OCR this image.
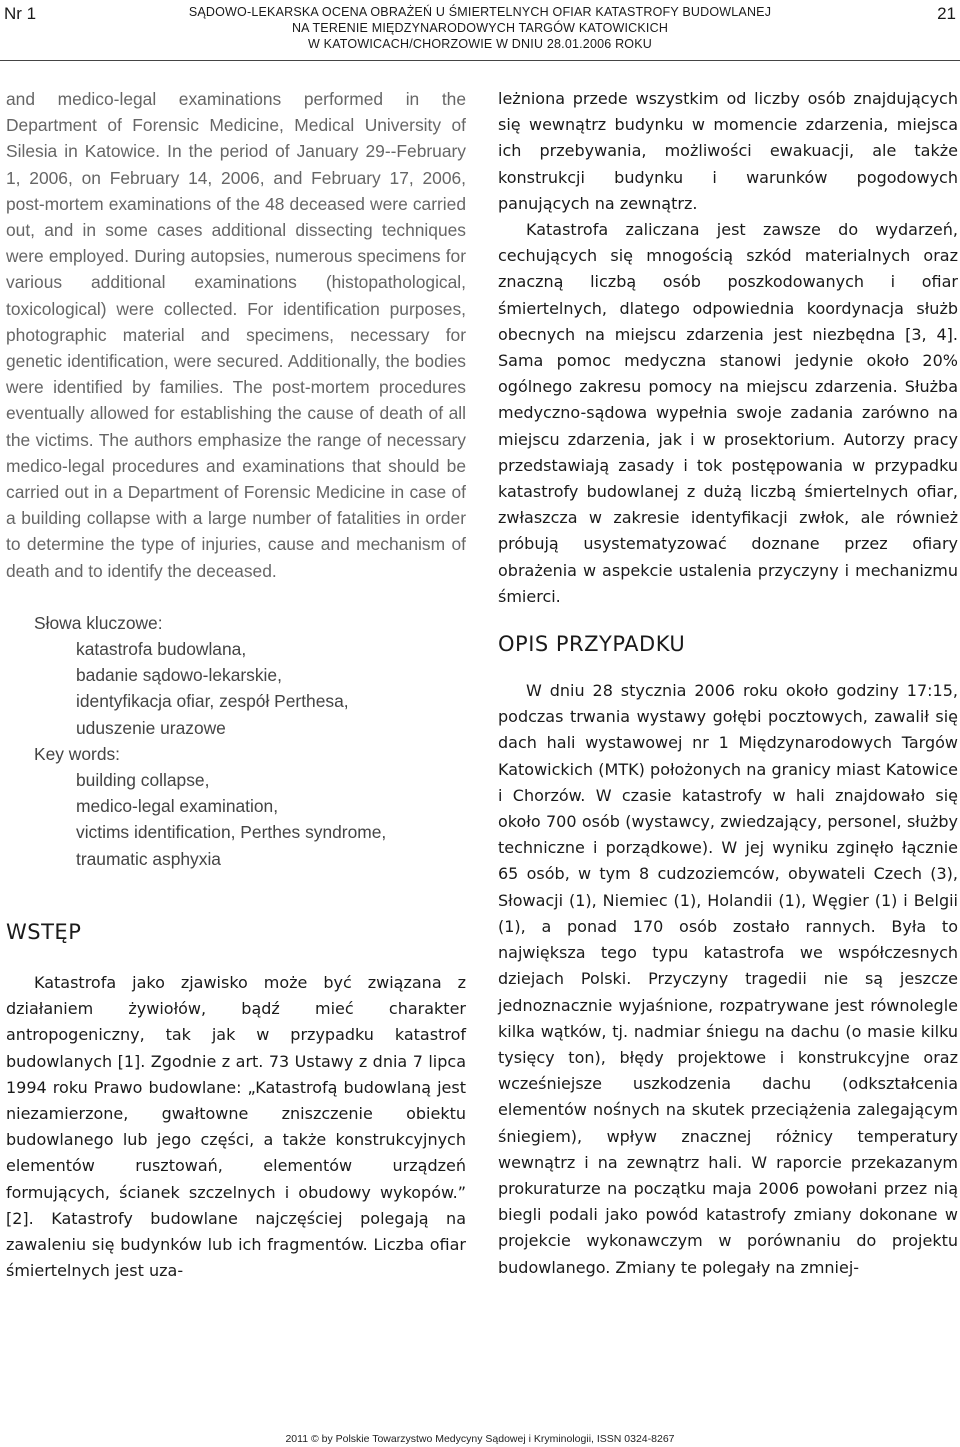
Nr 1	SĄDOWO-LEKARSKA OCENA OBRAŻEŃ U ŚMIERTELNYCH OFIAR KATASTROFY BUDOWLANEJ
NA TERENIE MIĘDZYNARODOWYCH TARGÓW KATOWICKICH
W KATOWICACH/CHORZOWIE W DNIU 28.01.2006 ROKU
21

and medico-legal examinations performed in the Department of Forensic Medicine, Medical University of Silesia in Katowice. In the period of January 29--February 1, 2006, on February 14, 2006, and February 17, 2006, post-mortem examinations of the 48 deceased were carried out, and in some cases additional dissecting techniques were employed. During autopsies, numerous specimens for various additional examinations (histopathological, toxicological) were collected. For identification purposes, photographic material and specimens, necessary for genetic identification, were secured. Additionally, the bodies were identified by families. The post-mortem procedures eventually allowed for establishing the cause of death of all the victims. The authors emphasize the range of necessary medico-legal procedures and examinations that should be carried out in a Department of Forensic Medicine in case of a building collapse with a large number of fatalities in order to determine the type of injuries, cause and mechanism of death and to identify the deceased.

Słowa kluczowe:
katastrofa budowlana,
badanie sądowo-lekarskie,
identyfikacja ofiar, zespół Perthesa,
uduszenie urazowe
Key words:
building collapse,
medico-legal examination,
victims identification, Perthes syndrome,
traumatic asphyxia
WSTĘP

Katastrofa jako zjawisko może być związana z działaniem żywiołów, bądź mieć charakter antropogeniczny, tak jak w przypadku katastrof budowlanych [1]. Zgodnie z art. 73 Ustawy z dnia 7 lipca 1994 roku Prawo budowlane: „Katastrofą budowlaną jest niezamierzone, gwałtowne zniszczenie obiektu budowlanego lub jego części, a także konstrukcyjnych elementów rusztowań, elementów urządzeń formujących, ścianek szczelnych i obudowy wykopów.” [2]. Katastrofy budowlane najczęściej polegają na zawaleniu się budynków lub ich fragmentów. Liczba ofiar śmiertelnych jest uza-

leżniona przede wszystkim od liczby osób znajdujących się wewnątrz budynku w momencie zdarzenia, miejsca ich przebywania, możliwości ewakuacji, ale także konstrukcji budynku i warunków pogodowych panujących na zewnątrz.

Katastrofa zaliczana jest zawsze do wydarzeń, cechujących się mnogością szkód materialnych oraz znaczną liczbą osób poszkodowanych i ofiar śmiertelnych, dlatego odpowiednia koordynacja służb obecnych na miejscu zdarzenia jest niezbędna [3, 4]. Sama pomoc medyczna stanowi jedynie około 20% ogólnego zakresu pomocy na miejscu zdarzenia. Służba medyczno-sądowa wypełnia swoje zadania zarówno na miejscu zdarzenia, jak i w prosektorium. Autorzy pracy przedstawiają zasady i tok postępowania w przypadku katastrofy budowlanej z dużą liczbą śmiertelnych ofiar, zwłaszcza w zakresie identyfikacji zwłok, ale również próbują usystematyzować doznane przez ofiary obrażenia w aspekcie ustalenia przyczyny i mechanizmu śmierci.

OPIS PRZYPADKU

W dniu 28 stycznia 2006 roku około godziny 17:15, podczas trwania wystawy gołębi pocztowych, zawalił się dach hali wystawowej nr 1 Międzynarodowych Targów Katowickich (MTK) położonych na granicy miast Katowice i Chorzów. W czasie katastrofy w hali znajdowało się około 700 osób (wystawcy, zwiedzający, personel, służby techniczne i porządkowe). W jej wyniku zginęło łącznie 65 osób, w tym 8 cudzoziemców, obywateli Czech (3), Słowacji (1), Niemiec (1), Holandii (1), Węgier (1) i Belgii (1), a ponad 170 osób zostało rannych. Była to największa tego typu katastrofa we współczesnych dziejach Polski. Przyczyny tragedii nie są jeszcze jednoznacznie wyjaśnione, rozpatrywane jest równolegle kilka wątków, tj. nadmiar śniegu na dachu (o masie kilku tysięcy ton), błędy projektowe i konstrukcyjne oraz wcześniejsze uszkodzenia dachu (odkształcenia elementów nośnych na skutek przeciążenia zalegającym śniegiem), wpływ znacznej różnicy temperatury wewnątrz i na zewnątrz hali. W raporcie przekazanym prokuraturze na początku maja 2006 powołani przez nią biegli podali jako powód katastrofy zmiany dokonane w projekcie wykonawczym w porównaniu do projektu budowlanego. Zmiany te polegały na zmniej-

2011 © by Polskie Towarzystwo Medycyny Sądowej i Kryminologii, ISSN 0324-8267
